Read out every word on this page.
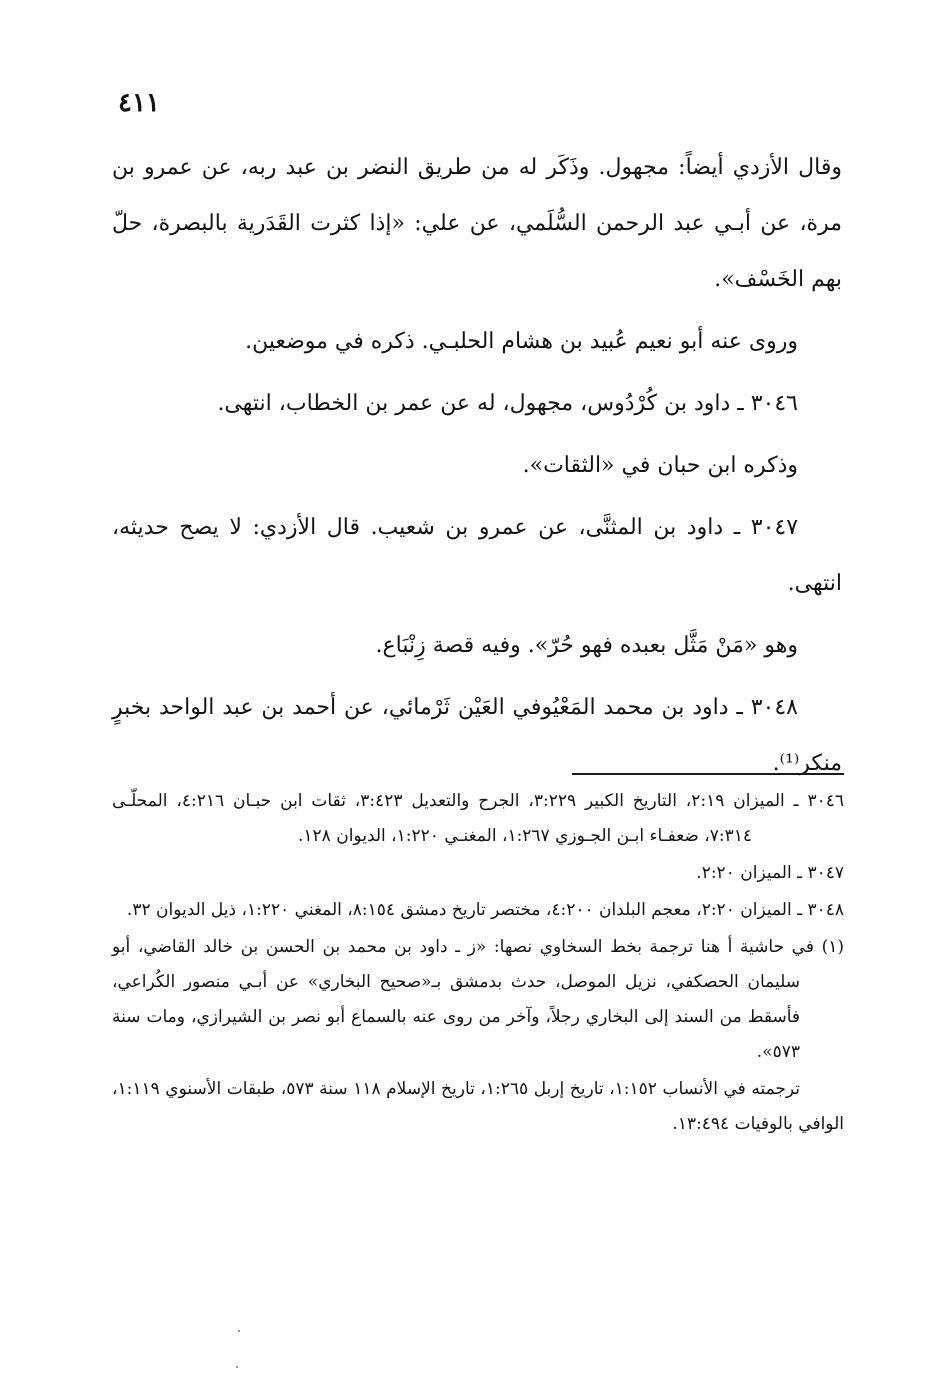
٤١١

وقال الأزدي أيضاً: مجهول. وذَكَر له من طريق النضر بن عبد ربه، عن عمرو بن مرة، عن أبـي عبد الرحمن السُّلَمي، عن علي: «إذا كثرت القَدَرية بالبصرة، حلّ بهم الخَسْف».

وروى عنه أبو نعيم عُبيد بن هشام الحلبـي. ذكره في موضعين.

٣٠٤٦ ـ داود بن كُرْدُوس، مجهول، له عن عمر بن الخطاب، انتهى.

وذكره ابن حبان في «الثقات».

٣٠٤٧ ـ داود بن المثنَّى، عن عمرو بن شعيب. قال الأزدي: لا يصح حديثه، انتهى.

وهو «مَنْ مَثَّل بعبده فهو حُرّ». وفيه قصة زِنْبَاع.

٣٠٤٨ ـ داود بن محمد المَعْيُوفي العَيْن ثَرْمائي، عن أحمد بن عبد الواحد بخبرٍ منكر⁽¹⁾.

٣٠٤٦ ـ الميزان ٢:١٩، التاريخ الكبير ٣:٢٢٩، الجرح والتعديل ٣:٤٢٣، ثقات ابن حبـان ٤:٢١٦، المحلّـى ٧:٣١٤، ضعفـاء ابـن الجـوزي ١:٢٦٧، المغنـي ١:٢٢٠، الديوان ١٢٨.

٣٠٤٧ ـ الميزان ٢:٢٠.

٣٠٤٨ ـ الميزان ٢:٢٠، معجم البلدان ٤:٢٠٠، مختصر تاريخ دمشق ٨:١٥٤، المغني ١:٢٢٠، ذيل الديوان ٣٢.

(١) في حاشية أ هنا ترجمة بخط السخاوي نصها: «ز ـ داود بن محمد بن الحسن بن خالد القاضي، أبو سليمان الحصكفي، نزيل الموصل، حدث بدمشق بـ«صحيح البخاري» عن أبـي منصور الكُراعي، فأسقط من السند إلى البخاري رجلاً، وآخر من روى عنه بالسماع أبو نصر بن الشيرازي، ومات سنة ٥٧٣».

ترجمته في الأنساب ١:١٥٢، تاريخ إربل ١:٢٦٥، تاريخ الإسلام ١١٨ سنة ٥٧٣، طبقات الأسنوي ١:١١٩، الوافي بالوفيات ١٣:٤٩٤.
